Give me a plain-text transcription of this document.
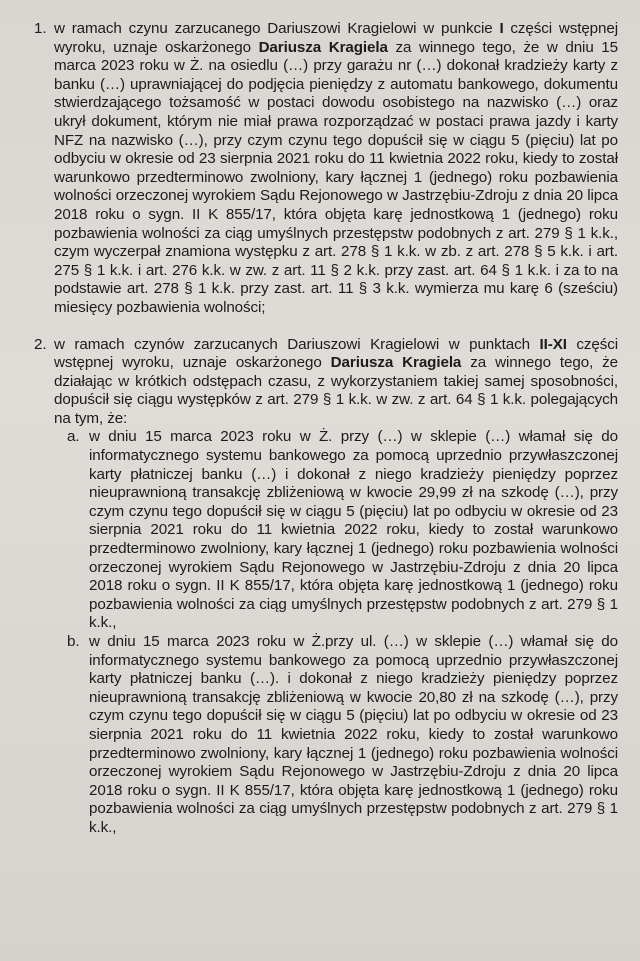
1. w ramach czynu zarzucanego Dariuszowi Kragielowi w punkcie I części wstępnej wyroku, uznaje oskarżonego Dariusza Kragiela za winnego tego, że w dniu 15 marca 2023 roku w Ż. na osiedlu (…) przy garażu nr (…) dokonał kradzieży karty z banku (…) uprawniającej do podjęcia pieniędzy z automatu bankowego, dokumentu stwierdzającego tożsamość w postaci dowodu osobistego na nazwisko (…) oraz ukrył dokument, którym nie miał prawa rozporządzać w postaci prawa jazdy i karty NFZ na nazwisko (…), przy czym czynu tego dopuścił się w ciągu 5 (pięciu) lat po odbyciu w okresie od 23 sierpnia 2021 roku do 11 kwietnia 2022 roku, kiedy to został warunkowo przedterminowo zwolniony, kary łącznej 1 (jednego) roku pozbawienia wolności orzeczonej wyrokiem Sądu Rejonowego w Jastrzębiu-Zdroju z dnia 20 lipca 2018 roku o sygn. II K 855/17, która objęta karę jednostkową 1 (jednego) roku pozbawienia wolności za ciąg umyślnych przestępstw podobnych z art. 279 § 1 k.k., czym wyczerpał znamiona występku z art. 278 § 1 k.k. w zb. z art. 278 § 5 k.k. i art. 275 § 1 k.k. i art. 276 k.k. w zw. z art. 11 § 2 k.k. przy zast. art. 64 § 1 k.k. i za to na podstawie art. 278 § 1 k.k. przy zast. art. 11 § 3 k.k. wymierza mu karę 6 (sześciu) miesięcy pozbawienia wolności;
2. w ramach czynów zarzucanych Dariuszowi Kragielowi w punktach II-XI części wstępnej wyroku, uznaje oskarżonego Dariusza Kragiela za winnego tego, że działając w krótkich odstępach czasu, z wykorzystaniem takiej samej sposobności, dopuścił się ciągu występków z art. 279 § 1 k.k. w zw. z art. 64 § 1 k.k. polegających na tym, że:
a. w dniu 15 marca 2023 roku w Ż. przy (…) w sklepie (…) włamał się do informatycznego systemu bankowego za pomocą uprzednio przywłaszczonej karty płatniczej banku (…) i dokonał z niego kradzieży pieniędzy poprzez nieuprawnioną transakcję zbliżeniową w kwocie 29,99 zł na szkodę (…), przy czym czynu tego dopuścił się w ciągu 5 (pięciu) lat po odbyciu w okresie od 23 sierpnia 2021 roku do 11 kwietnia 2022 roku, kiedy to został warunkowo przedterminowo zwolniony, kary łącznej 1 (jednego) roku pozbawienia wolności orzeczonej wyrokiem Sądu Rejonowego w Jastrzębiu-Zdroju z dnia 20 lipca 2018 roku o sygn. II K 855/17, która objęta karę jednostkową 1 (jednego) roku pozbawienia wolności za ciąg umyślnych przestępstw podobnych z art. 279 § 1 k.k.,
b. w dniu 15 marca 2023 roku w Ż.przy ul. (…) w sklepie (…) włamał się do informatycznego systemu bankowego za pomocą uprzednio przywłaszczonej karty płatniczej banku (…). i dokonał z niego kradzieży pieniędzy poprzez nieuprawnioną transakcję zbliżeniową w kwocie 20,80 zł na szkodę (…), przy czym czynu tego dopuścił się w ciągu 5 (pięciu) lat po odbyciu w okresie od 23 sierpnia 2021 roku do 11 kwietnia 2022 roku, kiedy to został warunkowo przedterminowo zwolniony, kary łącznej 1 (jednego) roku pozbawienia wolności orzeczonej wyrokiem Sądu Rejonowego w Jastrzębiu-Zdroju z dnia 20 lipca 2018 roku o sygn. II K 855/17, która objęta karę jednostkową 1 (jednego) roku pozbawienia wolności za ciąg umyślnych przestępstw podobnych z art. 279 § 1 k.k.,
